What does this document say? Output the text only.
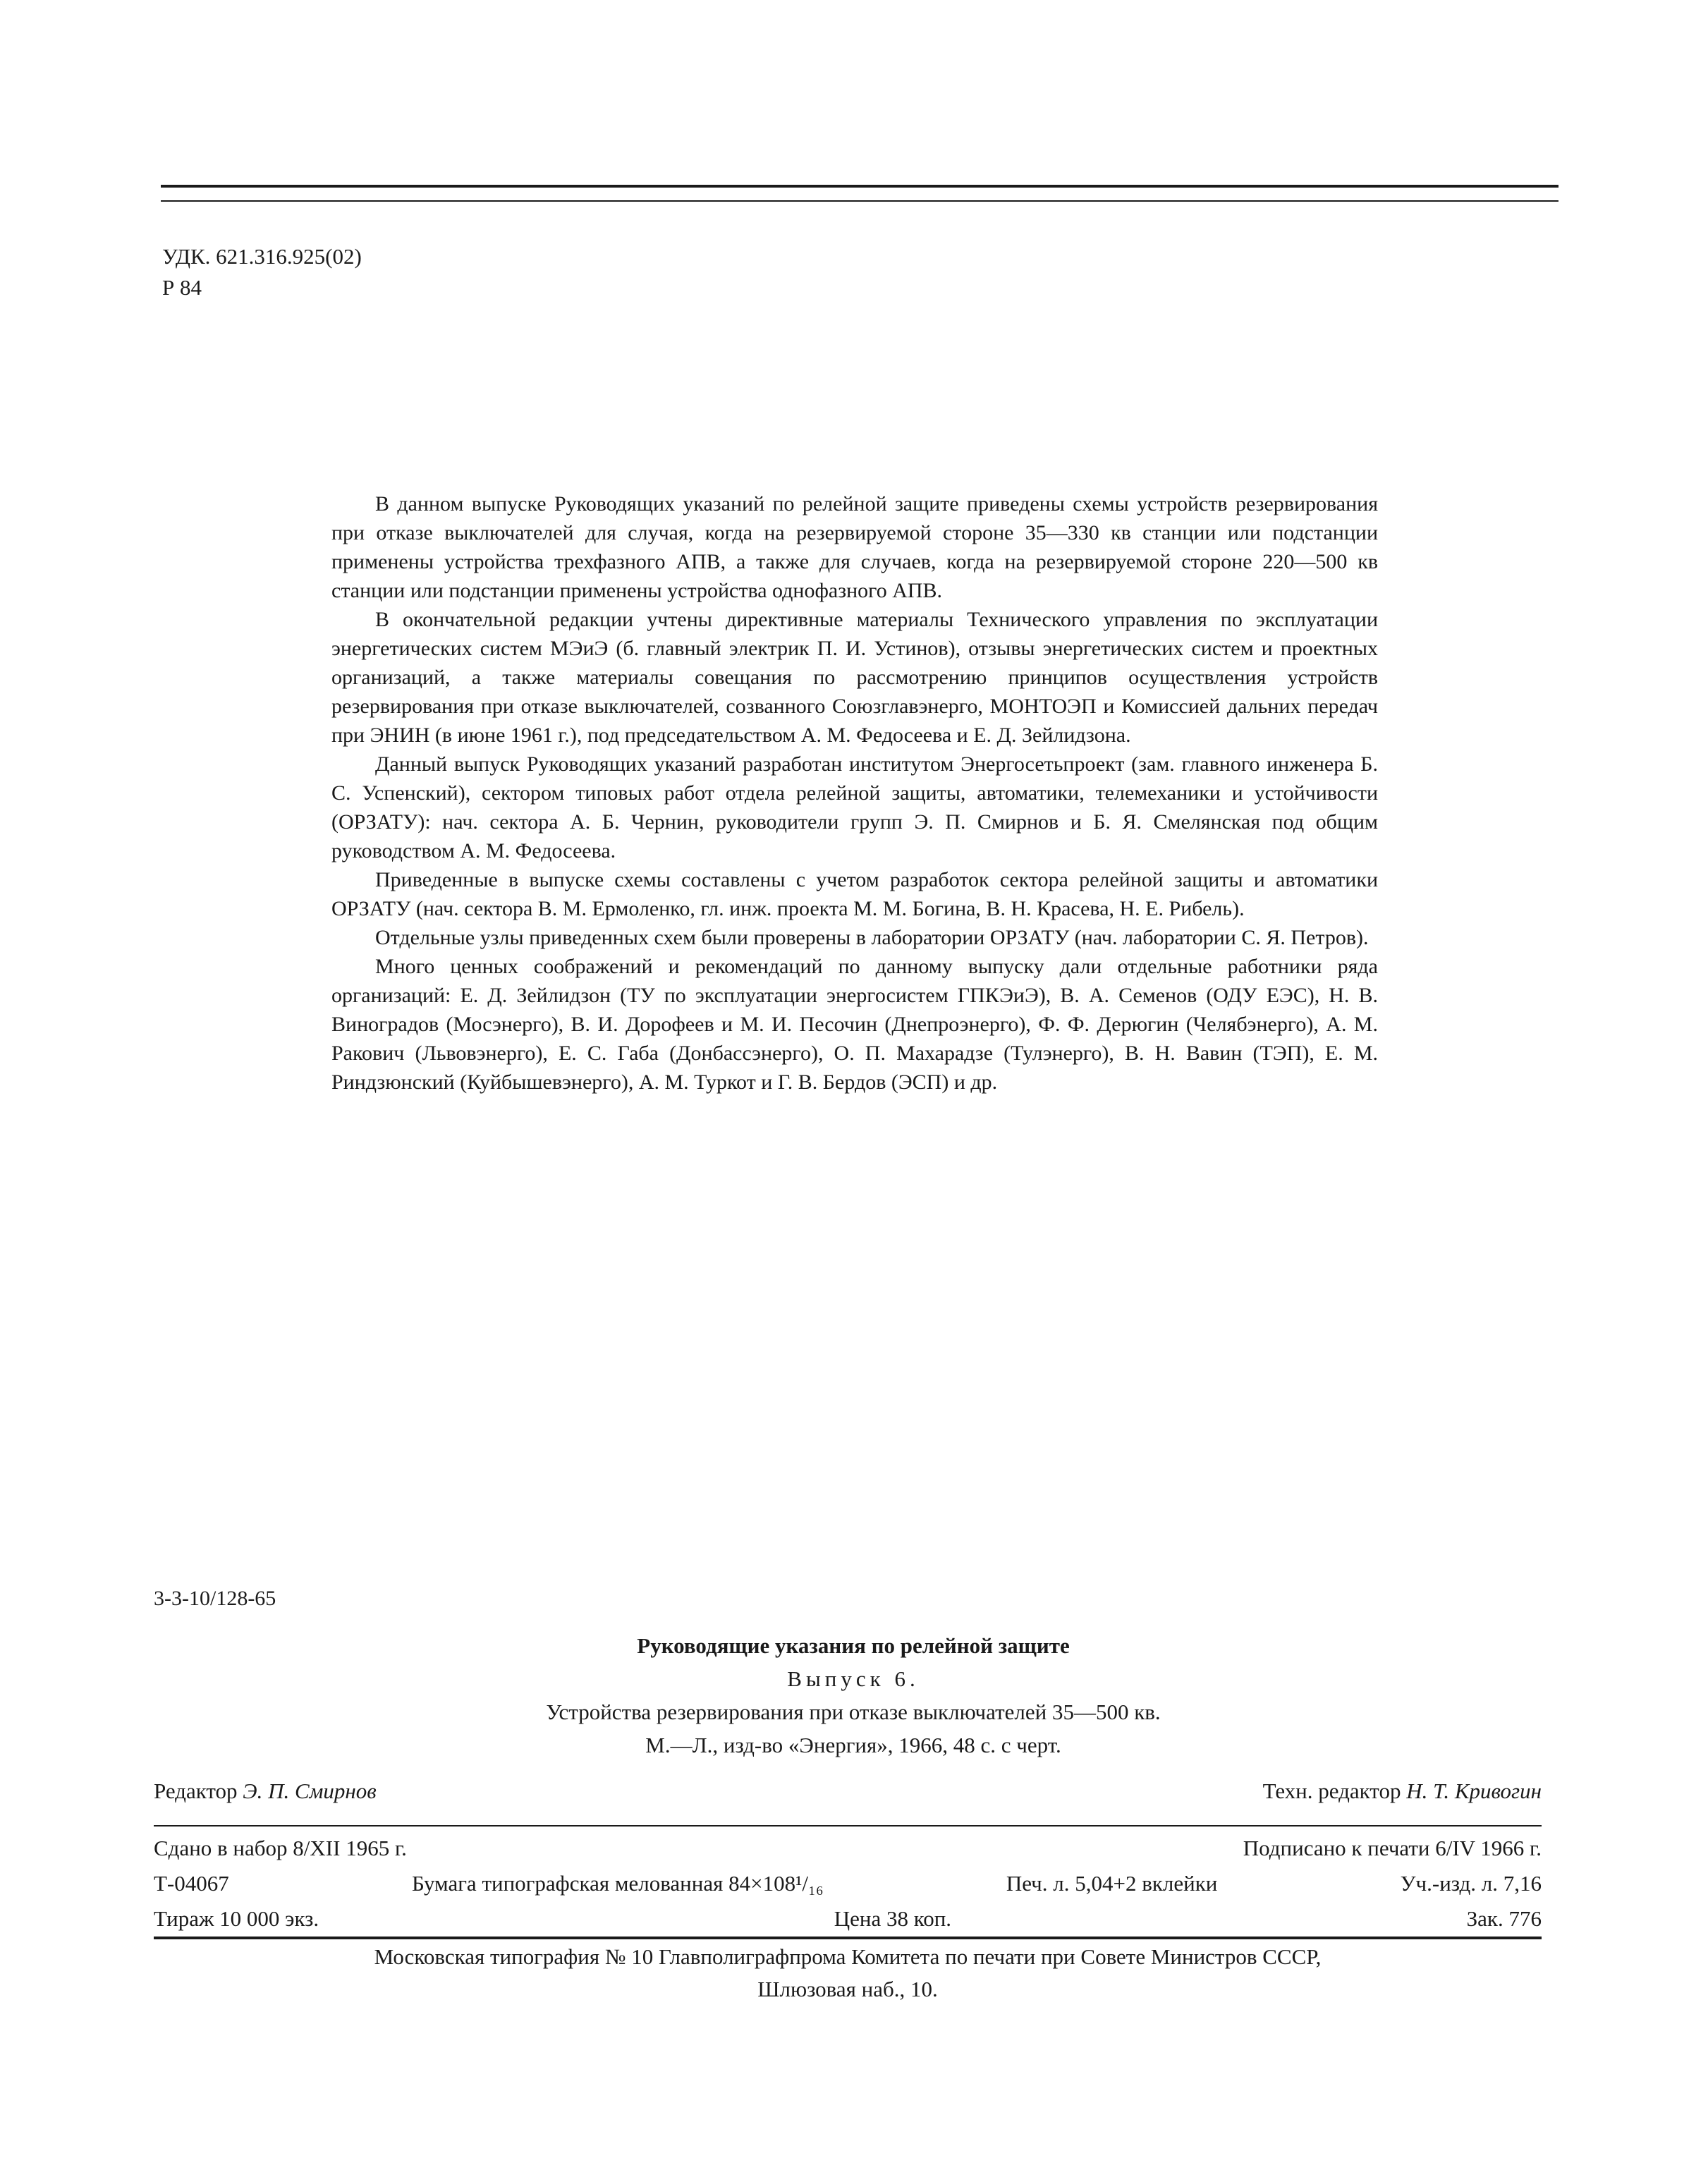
УДК. 621.316.925(02)
Р 84

В данном выпуске Руководящих указаний по релейной защите приведены схемы устройств резервирования при отказе выключателей для случая, когда на резервируемой стороне 35—330 кв станции или подстанции применены устройства трехфазного АПВ, а также для случаев, когда на резервируемой стороне 220—500 кв станции или подстанции применены устройства однофазного АПВ.

В окончательной редакции учтены директивные материалы Технического управления по эксплуатации энергетических систем МЭиЭ (б. главный электрик П. И. Устинов), отзывы энергетических систем и проектных организаций, а также материалы совещания по рассмотрению принципов осуществления устройств резервирования при отказе выключателей, созванного Союзглавэнерго, МОНТОЭП и Комиссией дальних передач при ЭНИН (в июне 1961 г.), под председательством А. М. Федосеева и Е. Д. Зейлидзона.

Данный выпуск Руководящих указаний разработан институтом Энергосетьпроект (зам. главного инженера Б. С. Успенский), сектором типовых работ отдела релейной защиты, автоматики, телемеханики и устойчивости (ОРЗАТУ): нач. сектора А. Б. Чернин, руководители групп Э. П. Смирнов и Б. Я. Смелянская под общим руководством А. М. Федосеева.

Приведенные в выпуске схемы составлены с учетом разработок сектора релейной защиты и автоматики ОРЗАТУ (нач. сектора В. М. Ермоленко, гл. инж. проекта М. М. Богина, В. Н. Красева, Н. Е. Рибель).

Отдельные узлы приведенных схем были проверены в лаборатории ОРЗАТУ (нач. лаборатории С. Я. Петров).

Много ценных соображений и рекомендаций по данному выпуску дали отдельные работники ряда организаций: Е. Д. Зейлидзон (ТУ по эксплуатации энергосистем ГПКЭиЭ), В. А. Семенов (ОДУ ЕЭС), Н. В. Виноградов (Мосэнерго), В. И. Дорофеев и М. И. Песочин (Днепроэнерго), Ф. Ф. Дерюгин (Челябэнерго), А. М. Ракович (Львовэнерго), Е. С. Габа (Донбассэнерго), О. П. Махарадзе (Тулэнерго), В. Н. Вавин (ТЭП), Е. М. Риндзюнский (Куйбышевэнерго), А. М. Туркот и Г. В. Бердов (ЭСП) и др.

3-3-10/128-65
Руководящие указания по релейной защите
Выпуск 6.
Устройства резервирования при отказе выключателей 35—500 кв.
М.—Л., изд-во «Энергия», 1966, 48 с. с черт.
Редактор Э. П. Смирнов	Техн. редактор Н. Т. Кривогин
Сдано в набор 8/XII 1965 г.	Подписано к печати 6/IV 1966 г.
Т-04067	Бумага типографская мелованная 84×108¹/₁₆	Печ. л. 5,04+2 вклейки	Уч.-изд. л. 7,16
Тираж 10 000 экз.	Цена 38 коп.	Зак. 776
Московская типография № 10 Главполиграфпрома Комитета по печати при Совете Министров СССР,
Шлюзовая наб., 10.
